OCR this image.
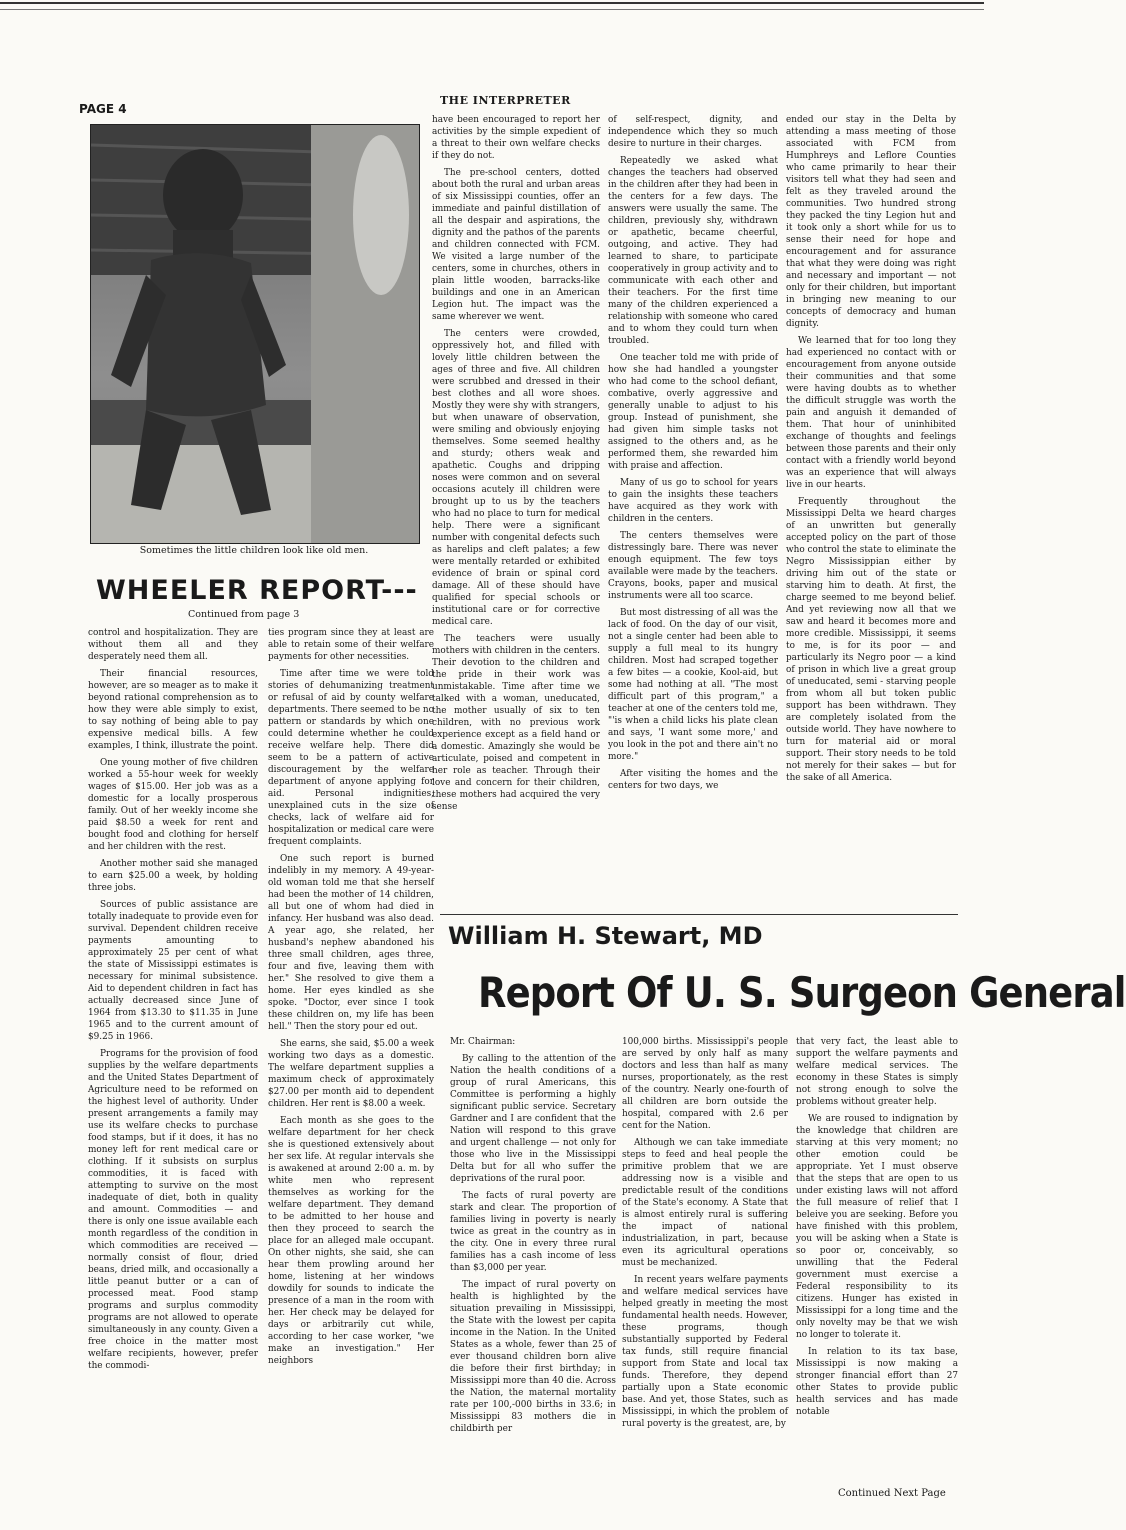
PAGE 4
THE INTERPRETER
Sometimes the little children look like old men.
WHEELER REPORT---
Continued from page 3

control and hospitalization. They are without them all and they desperately need them all.

Their financial resources, however, are so meager as to make it beyond rational comprehension as to how they were able simply to exist, to say nothing of being able to pay expensive medical bills. A few examples, I think, illustrate the point.

One young mother of five children worked a 55-hour week for weekly wages of $15.00. Her job was as a domestic for a locally prosperous family. Out of her weekly income she paid $8.50 a week for rent and bought food and clothing for herself and her children with the rest.

Another mother said she managed to earn $25.00 a week, by holding three jobs.

Sources of public assistance are totally inadequate to provide even for survival. Dependent children receive payments amounting to approximately 25 per cent of what the state of Mississippi estimates is necessary for minimal subsistence. Aid to dependent children in fact has actually decreased since June of 1964 from $13.30 to $11.35 in June 1965 and to the current amount of $9.25 in 1966.

Programs for the provision of food supplies by the welfare departments and the United States Department of Agriculture need to be reformed on the highest level of authority. Under present arrangements a family may use its welfare checks to purchase food stamps, but if it does, it has no money left for rent medical care or clothing. If it subsists on surplus commodities, it is faced with attempting to survive on the most inadequate of diet, both in quality and amount. Commodities — and there is only one issue available each month regardless of the condition in which commodities are received — normally consist of flour, dried beans, dried milk, and occasionally a little peanut butter or a can of processed meat. Food stamp programs and surplus commodity programs are not allowed to operate simultaneously in any county. Given a free choice in the matter most welfare recipients, however, prefer the commodi-

ties program since they at least are able to retain some of their welfare payments for other necessities.

Time after time we were told stories of dehumanizing treatment or refusal of aid by county welfare departments. There seemed to be no pattern or standards by which one could determine whether he could receive welfare help. There did seem to be a pattern of active discouragement by the welfare department of anyone applying for aid. Personal indignities, unexplained cuts in the size of checks, lack of welfare aid for hospitalization or medical care were frequent complaints.

One such report is burned indelibly in my memory. A 49-year-old woman told me that she herself had been the mother of 14 children, all but one of whom had died in infancy. Her husband was also dead. A year ago, she related, her husband's nephew abandoned his three small children, ages three, four and five, leaving them with her." She resolved to give them a home. Her eyes kindled as she spoke. "Doctor, ever since I took these children on, my life has been hell." Then the story pour ed out.

She earns, she said, $5.00 a week working two days as a domestic. The welfare department supplies a maximum check of approximately $27.00 per month aid to dependent children. Her rent is $8.00 a week.

Each month as she goes to the welfare department for her check she is questioned extensively about her sex life. At regular intervals she is awakened at around 2:00 a. m. by white men who represent themselves as working for the welfare department. They demand to be admitted to her house and then they proceed to search the place for an alleged male occupant. On other nights, she said, she can hear them prowling around her home, listening at her windows dowdily for sounds to indicate the presence of a man in the room with her. Her check may be delayed for days or arbitrarily cut while, according to her case worker, "we make an investigation." Her neighbors

have been encouraged to report her activities by the simple expedient of a threat to their own welfare checks if they do not.

The pre-school centers, dotted about both the rural and urban areas of six Mississippi counties, offer an immediate and painful distillation of all the despair and aspirations, the dignity and the pathos of the parents and children connected with FCM. We visited a large number of the centers, some in churches, others in plain little wooden, barracks-like buildings and one in an American Legion hut. The impact was the same wherever we went.

The centers were crowded, oppressively hot, and filled with lovely little children between the ages of three and five. All children were scrubbed and dressed in their best clothes and all wore shoes. Mostly they were shy with strangers, but when unaware of observation, were smiling and obviously enjoying themselves. Some seemed healthy and sturdy; others weak and apathetic. Coughs and dripping noses were common and on several occasions acutely ill children were brought up to us by the teachers who had no place to turn for medical help. There were a significant number with congenital defects such as harelips and cleft palates; a few were mentally retarded or exhibited evidence of brain or spinal cord damage. All of these should have qualified for special schools or institutional care or for corrective medical care.

The teachers were usually mothers with children in the centers. Their devotion to the children and the pride in their work was unmistakable. Time after time we talked with a woman, uneducated, the mother usually of six to ten children, with no previous work experience except as a field hand or a domestic. Amazingly she would be articulate, poised and competent in her role as teacher. Through their love and concern for their children, these mothers had acquired the very sense

of self-respect, dignity, and independence which they so much desire to nurture in their charges.

Repeatedly we asked what changes the teachers had observed in the children after they had been in the centers for a few days. The answers were usually the same. The children, previously shy, withdrawn or apathetic, became cheerful, outgoing, and active. They had learned to share, to participate cooperatively in group activity and to communicate with each other and their teachers. For the first time many of the children experienced a relationship with someone who cared and to whom they could turn when troubled.

One teacher told me with pride of how she had handled a youngster who had come to the school defiant, combative, overly aggressive and generally unable to adjust to his group. Instead of punishment, she had given him simple tasks not assigned to the others and, as he performed them, she rewarded him with praise and affection.

Many of us go to school for years to gain the insights these teachers have acquired as they work with children in the centers.

The centers themselves were distressingly bare. There was never enough equipment. The few toys available were made by the teachers. Crayons, books, paper and musical instruments were all too scarce.

But most distressing of all was the lack of food. On the day of our visit, not a single center had been able to supply a full meal to its hungry children. Most had scraped together a few bites — a cookie, Kool-aid, but some had nothing at all. "The most difficult part of this program," a teacher at one of the centers told me, "'is when a child licks his plate clean and says, 'I want some more,' and you look in the pot and there ain't no more."

After visiting the homes and the centers for two days, we

ended our stay in the Delta by attending a mass meeting of those associated with FCM from Humphreys and Leflore Counties who came primarily to hear their visitors tell what they had seen and felt as they traveled around the communities. Two hundred strong they packed the tiny Legion hut and it took only a short while for us to sense their need for hope and encouragement and for assurance that what they were doing was right and necessary and important — not only for their children, but important in bringing new meaning to our concepts of democracy and human dignity.

We learned that for too long they had experienced no contact with or encouragement from anyone outside their communities and that some were having doubts as to whether the difficult struggle was worth the pain and anguish it demanded of them. That hour of uninhibited exchange of thoughts and feelings between those parents and their only contact with a friendly world beyond was an experience that will always live in our hearts.

Frequently throughout the Mississippi Delta we heard charges of an unwritten but generally accepted policy on the part of those who control the state to eliminate the Negro Mississippian either by driving him out of the state or starving him to death. At first, the charge seemed to me beyond belief. And yet reviewing now all that we saw and heard it becomes more and more credible. Mississippi, it seems to me, is for its poor — and particularly its Negro poor — a kind of prison in which live a great group of uneducated, semi - starving people from whom all but token public support has been withdrawn. They are completely isolated from the outside world. They have nowhere to turn for material aid or moral support. Their story needs to be told not merely for their sakes — but for the sake of all America.

William H. Stewart, MD
Report Of U. S. Surgeon General

Mr. Chairman:

By calling to the attention of the Nation the health conditions of a group of rural Americans, this Committee is performing a highly significant public service. Secretary Gardner and I are confident that the Nation will respond to this grave and urgent challenge — not only for those who live in the Mississippi Delta but for all who suffer the deprivations of the rural poor.

The facts of rural poverty are stark and clear. The proportion of families living in poverty is nearly twice as great in the country as in the city. One in every three rural families has a cash income of less than $3,000 per year.

The impact of rural poverty on health is highlighted by the situation prevailing in Mississippi, the State with the lowest per capita income in the Nation. In the United States as a whole, fewer than 25 of ever thousand children born alive die before their first birthday; in Mississippi more than 40 die. Across the Nation, the maternal mortality rate per 100,-000 births in 33.6; in Mississippi 83 mothers die in childbirth per

100,000 births. Mississippi's people are served by only half as many doctors and less than half as many nurses, proportionately, as the rest of the country. Nearly one-fourth of all children are born outside the hospital, compared with 2.6 per cent for the Nation.

Although we can take immediate steps to feed and heal people the primitive problem that we are addressing now is a visible and predictable result of the conditions of the State's economy. A State that is almost entirely rural is suffering the impact of national industrialization, in part, because even its agricultural operations must be mechanized.

In recent years welfare payments and welfare medical services have helped greatly in meeting the most fundamental health needs. However, these programs, though substantially supported by Federal tax funds, still require financial support from State and local tax funds. Therefore, they depend partially upon a State economic base. And yet, those States, such as Mississippi, in which the problem of rural poverty is the greatest, are, by

that very fact, the least able to support the welfare payments and welfare medical services. The economy in these States is simply not strong enough to solve the problems without greater help.

We are roused to indignation by the knowledge that children are starving at this very moment; no other emotion could be appropriate. Yet I must observe that the steps that are open to us under existing laws will not afford the full measure of relief that I beleive you are seeking. Before you have finished with this problem, you will be asking when a State is so poor or, conceivably, so unwilling that the Federal government must exercise a Federal responsibility to its citizens. Hunger has existed in Mississippi for a long time and the only novelty may be that we wish no longer to tolerate it.

In relation to its tax base, Mississippi is now making a stronger financial effort than 27 other States to provide public health services and has made notable

Continued Next Page
